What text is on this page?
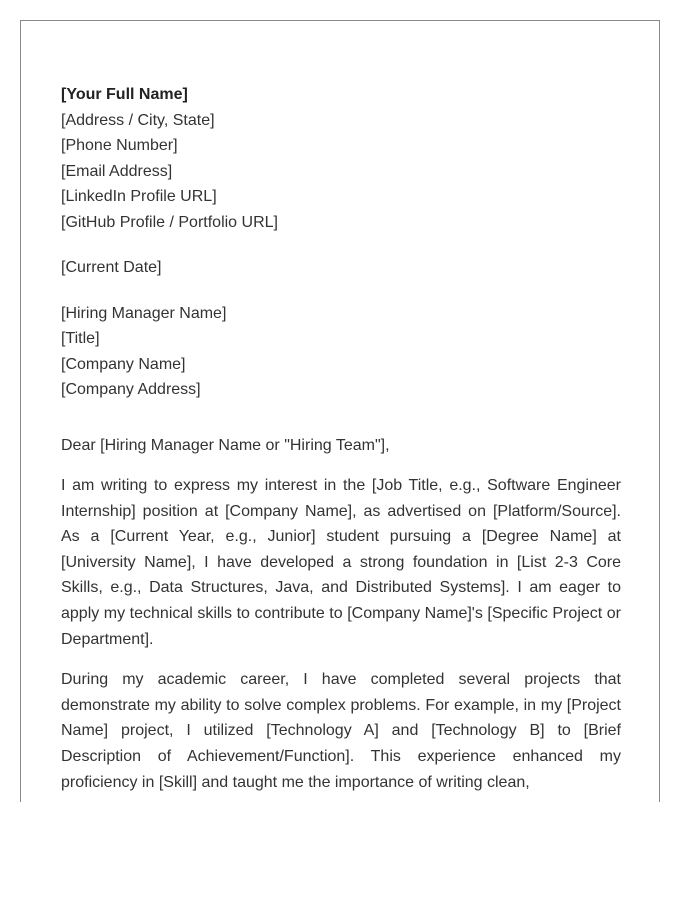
[Your Full Name]
[Address / City, State]
[Phone Number]
[Email Address]
[LinkedIn Profile URL]
[GitHub Profile / Portfolio URL]
[Current Date]
[Hiring Manager Name]
[Title]
[Company Name]
[Company Address]
Dear [Hiring Manager Name or "Hiring Team"],

I am writing to express my interest in the [Job Title, e.g., Software Engineer Internship] position at [Company Name], as advertised on [Platform/Source]. As a [Current Year, e.g., Junior] student pursuing a [Degree Name] at [University Name], I have developed a strong foundation in [List 2-3 Core Skills, e.g., Data Structures, Java, and Distributed Systems]. I am eager to apply my technical skills to contribute to [Company Name]'s [Specific Project or Department].

During my academic career, I have completed several projects that demonstrate my ability to solve complex problems. For example, in my [Project Name] project, I utilized [Technology A] and [Technology B] to [Brief Description of Achievement/Function]. This experience enhanced my proficiency in [Skill] and taught me the importance of writing clean,
